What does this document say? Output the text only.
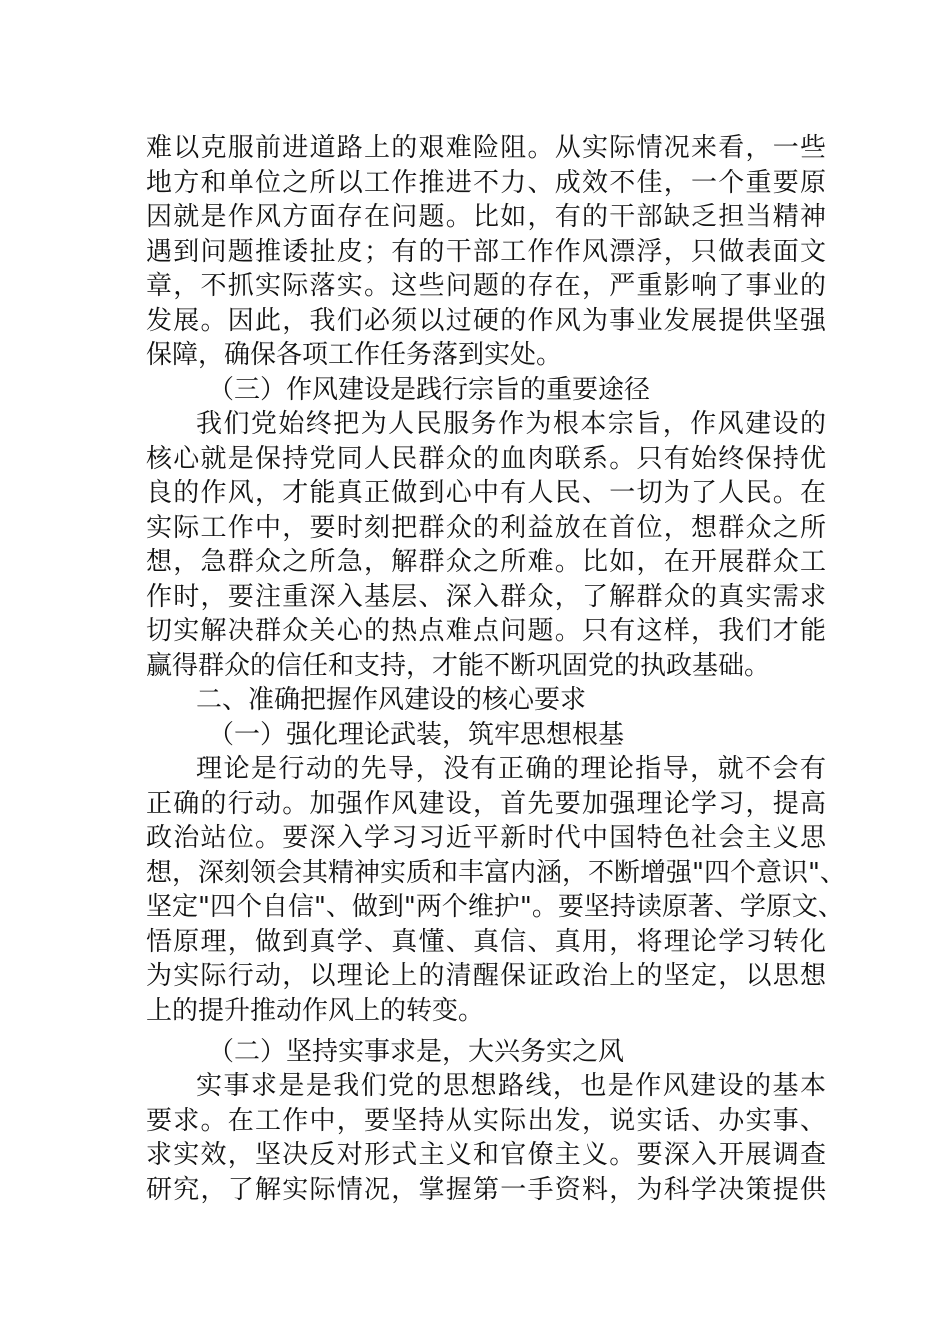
难以克服前进道路上的艰难险阻。从实际情况来看，一些

地方和单位之所以工作推进不力、成效不佳，一个重要原

因就是作风方面存在问题。比如，有的干部缺乏担当精神

遇到问题推诿扯皮；有的干部工作作风漂浮，只做表面文

章，不抓实际落实。这些问题的存在，严重影响了事业的

发展。因此，我们必须以过硬的作风为事业发展提供坚强

保障，确保各项工作任务落到实处。

（三）作风建设是践行宗旨的重要途径

我们党始终把为人民服务作为根本宗旨，作风建设的

核心就是保持党同人民群众的血肉联系。只有始终保持优

良的作风，才能真正做到心中有人民、一切为了人民。在

实际工作中，要时刻把群众的利益放在首位，想群众之所

想，急群众之所急，解群众之所难。比如，在开展群众工

作时，要注重深入基层、深入群众，了解群众的真实需求

切实解决群众关心的热点难点问题。只有这样，我们才能

赢得群众的信任和支持，才能不断巩固党的执政基础。

二、准确把握作风建设的核心要求

（一）强化理论武装，筑牢思想根基

理论是行动的先导，没有正确的理论指导，就不会有

正确的行动。加强作风建设，首先要加强理论学习，提高

政治站位。要深入学习习近平新时代中国特色社会主义思

想，深刻领会其精神实质和丰富内涵，不断增强"四个意识"、

坚定"四个自信"、做到"两个维护"。要坚持读原著、学原文、

悟原理，做到真学、真懂、真信、真用，将理论学习转化

为实际行动，以理论上的清醒保证政治上的坚定，以思想

上的提升推动作风上的转变。

（二）坚持实事求是，大兴务实之风

实事求是是我们党的思想路线，也是作风建设的基本

要求。在工作中，要坚持从实际出发，说实话、办实事、

求实效，坚决反对形式主义和官僚主义。要深入开展调查

研究，了解实际情况，掌握第一手资料，为科学决策提供
